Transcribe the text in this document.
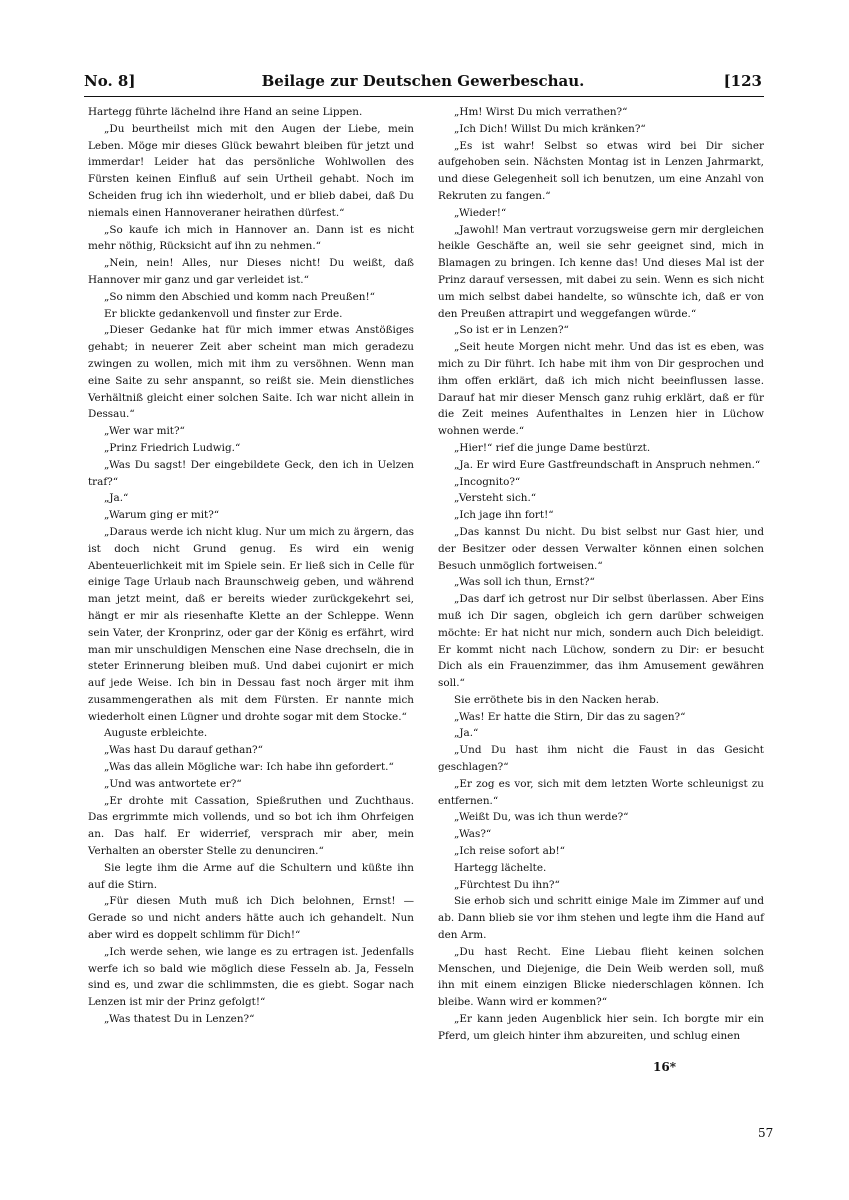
No. 8]	Beilage zur Deutschen Gewerbeschau.	[123

Hartegg führte lächelnd ihre Hand an seine Lippen.

„Du beurtheilst mich mit den Augen der Liebe, mein Leben. Möge mir dieses Glück bewahrt bleiben für jetzt und immerdar! Leider hat das persönliche Wohlwollen des Fürsten keinen Einfluß auf sein Urtheil gehabt. Noch im Scheiden frug ich ihn wiederholt, und er blieb dabei, daß Du niemals einen Hannoveraner heirathen dürfest.“

„So kaufe ich mich in Hannover an. Dann ist es nicht mehr nöthig, Rücksicht auf ihn zu nehmen.“

„Nein, nein! Alles, nur Dieses nicht! Du weißt, daß Hannover mir ganz und gar verleidet ist.“

„So nimm den Abschied und komm nach Preußen!“

Er blickte gedankenvoll und finster zur Erde.

„Dieser Gedanke hat für mich immer etwas Anstößiges gehabt; in neuerer Zeit aber scheint man mich geradezu zwingen zu wollen, mich mit ihm zu versöhnen. Wenn man eine Saite zu sehr anspannt, so reißt sie. Mein dienstliches Verhältniß gleicht einer solchen Saite. Ich war nicht allein in Dessau.“

„Wer war mit?“

„Prinz Friedrich Ludwig.“

„Was Du sagst! Der eingebildete Geck, den ich in Uelzen traf?“

„Ja.“

„Warum ging er mit?“

„Daraus werde ich nicht klug. Nur um mich zu ärgern, das ist doch nicht Grund genug. Es wird ein wenig Abenteuerlichkeit mit im Spiele sein. Er ließ sich in Celle für einige Tage Urlaub nach Braunschweig geben, und während man jetzt meint, daß er bereits wieder zurückgekehrt sei, hängt er mir als riesenhafte Klette an der Schleppe. Wenn sein Vater, der Kronprinz, oder gar der König es erfährt, wird man mir unschuldigen Menschen eine Nase drechseln, die in steter Erinnerung bleiben muß. Und dabei cujonirt er mich auf jede Weise. Ich bin in Dessau fast noch ärger mit ihm zusammengerathen als mit dem Fürsten. Er nannte mich wiederholt einen Lügner und drohte sogar mit dem Stocke.“

Auguste erbleichte.

„Was hast Du darauf gethan?“

„Was das allein Mögliche war: Ich habe ihn gefordert.“

„Und was antwortete er?“

„Er drohte mit Cassation, Spießruthen und Zuchthaus. Das ergrimmte mich vollends, und so bot ich ihm Ohrfeigen an. Das half. Er widerrief, versprach mir aber, mein Verhalten an oberster Stelle zu denunciren.“

Sie legte ihm die Arme auf die Schultern und küßte ihn auf die Stirn.

„Für diesen Muth muß ich Dich belohnen, Ernst! — Gerade so und nicht anders hätte auch ich gehandelt. Nun aber wird es doppelt schlimm für Dich!“

„Ich werde sehen, wie lange es zu ertragen ist. Jedenfalls werfe ich so bald wie möglich diese Fesseln ab. Ja, Fesseln sind es, und zwar die schlimmsten, die es giebt. Sogar nach Lenzen ist mir der Prinz gefolgt!“

„Was thatest Du in Lenzen?“

„Hm! Wirst Du mich verrathen?“

„Ich Dich! Willst Du mich kränken?“

„Es ist wahr! Selbst so etwas wird bei Dir sicher aufgehoben sein. Nächsten Montag ist in Lenzen Jahrmarkt, und diese Gelegenheit soll ich benutzen, um eine Anzahl von Rekruten zu fangen.“

„Wieder!“

„Jawohl! Man vertraut vorzugsweise gern mir dergleichen heikle Geschäfte an, weil sie sehr geeignet sind, mich in Blamagen zu bringen. Ich kenne das! Und dieses Mal ist der Prinz darauf versessen, mit dabei zu sein. Wenn es sich nicht um mich selbst dabei handelte, so wünschte ich, daß er von den Preußen attrapirt und weggefangen würde.“

„So ist er in Lenzen?“

„Seit heute Morgen nicht mehr. Und das ist es eben, was mich zu Dir führt. Ich habe mit ihm von Dir gesprochen und ihm offen erklärt, daß ich mich nicht beeinflussen lasse. Darauf hat mir dieser Mensch ganz ruhig erklärt, daß er für die Zeit meines Aufenthaltes in Lenzen hier in Lüchow wohnen werde.“

„Hier!“ rief die junge Dame bestürzt.

„Ja. Er wird Eure Gastfreundschaft in Anspruch nehmen.“

„Incognito?“

„Versteht sich.“

„Ich jage ihn fort!“

„Das kannst Du nicht. Du bist selbst nur Gast hier, und der Besitzer oder dessen Verwalter können einen solchen Besuch unmöglich fortweisen.“

„Was soll ich thun, Ernst?“

„Das darf ich getrost nur Dir selbst überlassen. Aber Eins muß ich Dir sagen, obgleich ich gern darüber schweigen möchte: Er hat nicht nur mich, sondern auch Dich beleidigt. Er kommt nicht nach Lüchow, sondern zu Dir: er besucht Dich als ein Frauenzimmer, das ihm Amusement gewähren soll.“

Sie erröthete bis in den Nacken herab.

„Was! Er hatte die Stirn, Dir das zu sagen?“

„Ja.“

„Und Du hast ihm nicht die Faust in das Gesicht geschlagen?“

„Er zog es vor, sich mit dem letzten Worte schleunigst zu entfernen.“

„Weißt Du, was ich thun werde?“

„Was?“

„Ich reise sofort ab!“

Hartegg lächelte.

„Fürchtest Du ihn?“

Sie erhob sich und schritt einige Male im Zimmer auf und ab. Dann blieb sie vor ihm stehen und legte ihm die Hand auf den Arm.

„Du hast Recht. Eine Liebau flieht keinen solchen Menschen, und Diejenige, die Dein Weib werden soll, muß ihn mit einem einzigen Blicke niederschlagen können. Ich bleibe. Wann wird er kommen?“

„Er kann jeden Augenblick hier sein. Ich borgte mir ein Pferd, um gleich hinter ihm abzureiten, und schlug einen

16*
57
